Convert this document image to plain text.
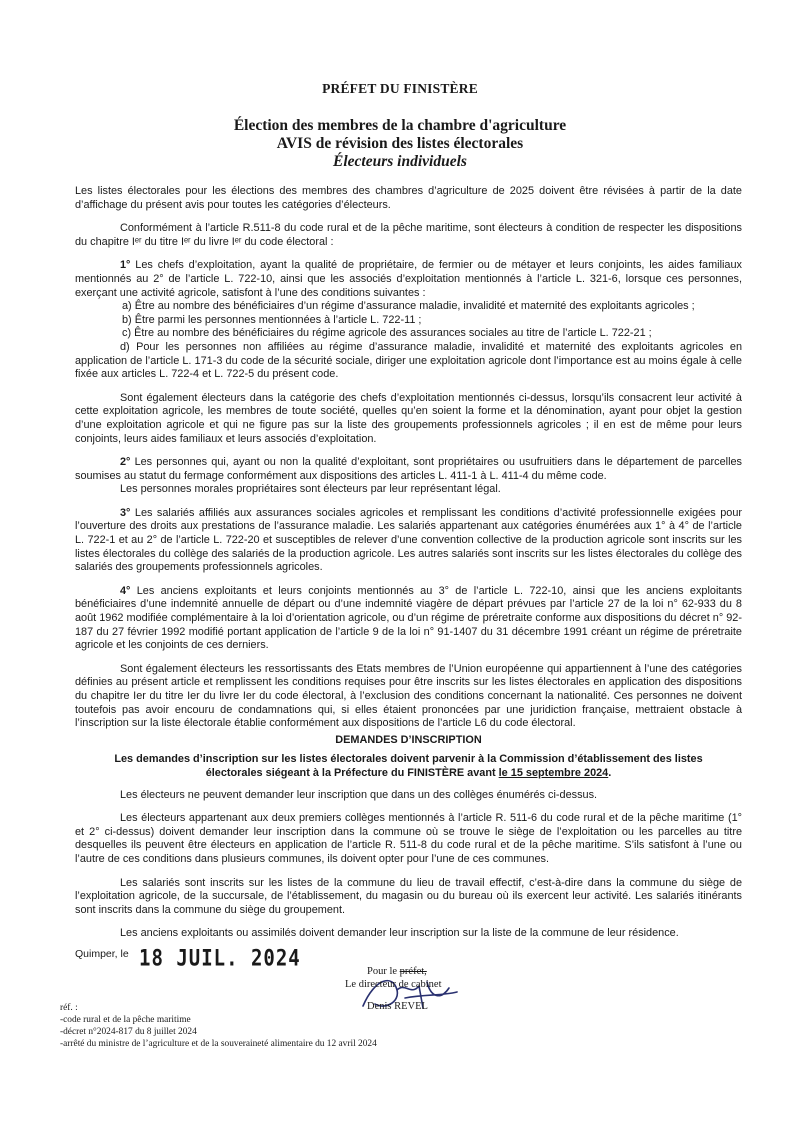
PRÉFET DU FINISTÈRE
Élection des membres de la chambre d'agriculture
AVIS de révision des listes électorales
Électeurs individuels

Les listes électorales pour les élections des membres des chambres d’agriculture de 2025 doivent être révisées à partir de la date d’affichage du présent avis pour toutes les catégories d’électeurs.

Conformément à l’article R.511-8 du code rural et de la pêche maritime, sont électeurs à condition de respecter les dispositions du chapitre Iᵉʳ du titre Iᵉʳ du livre Iᵉʳ du code électoral :

1° Les chefs d’exploitation, ayant la qualité de propriétaire, de fermier ou de métayer et leurs conjoints, les aides familiaux mentionnés au 2° de l’article L. 722-10, ainsi que les associés d’exploitation mentionnés à l’article L. 321-6, lorsque ces personnes, exerçant une activité agricole, satisfont à l’une des conditions suivantes :

a) Être au nombre des bénéficiaires d’un régime d’assurance maladie, invalidité et maternité des exploitants agricoles ;

b) Être parmi les personnes mentionnées à l’article L. 722-11 ;

c) Être au nombre des bénéficiaires du régime agricole des assurances sociales au titre de l’article L. 722-21 ;

d) Pour les personnes non affiliées au régime d’assurance maladie, invalidité et maternité des exploitants agricoles en application de l’article L. 171-3 du code de la sécurité sociale, diriger une exploitation agricole dont l’importance est au moins égale à celle fixée aux articles L. 722-4 et L. 722-5 du présent code.

Sont également électeurs dans la catégorie des chefs d’exploitation mentionnés ci-dessus, lorsqu’ils consacrent leur activité à cette exploitation agricole, les membres de toute société, quelles qu’en soient la forme et la dénomination, ayant pour objet la gestion d’une exploitation agricole et qui ne figure pas sur la liste des groupements professionnels agricoles ; il en est de même pour leurs conjoints, leurs aides familiaux et leurs associés d’exploitation.

2° Les personnes qui, ayant ou non la qualité d’exploitant, sont propriétaires ou usufruitiers dans le département de parcelles soumises au statut du fermage conformément aux dispositions des articles L. 411-1 à L. 411-4 du même code.

Les personnes morales propriétaires sont électeurs par leur représentant légal.

3° Les salariés affiliés aux assurances sociales agricoles et remplissant les conditions d’activité professionnelle exigées pour l’ouverture des droits aux prestations de l’assurance maladie. Les salariés appartenant aux catégories énumérées aux 1° à 4° de l’article L. 722-1 et au 2° de l’article L. 722-20 et susceptibles de relever d’une convention collective de la production agricole sont inscrits sur les listes électorales du collège des salariés de la production agricole. Les autres salariés sont inscrits sur les listes électorales du collège des salariés des groupements professionnels agricoles.

4° Les anciens exploitants et leurs conjoints mentionnés au 3° de l’article L. 722-10, ainsi que les anciens exploitants bénéficiaires d’une indemnité annuelle de départ ou d’une indemnité viagère de départ prévues par l’article 27 de la loi n° 62-933 du 8 août 1962 modifiée complémentaire à la loi d’orientation agricole, ou d’un régime de préretraite conforme aux dispositions du décret n° 92-187 du 27 février 1992 modifié portant application de l’article 9 de la loi n° 91-1407 du 31 décembre 1991 créant un régime de préretraite agricole et les conjoints de ces derniers.

Sont également électeurs les ressortissants des Etats membres de l’Union européenne qui appartiennent à l’une des catégories définies au présent article et remplissent les conditions requises pour être inscrits sur les listes électorales en application des dispositions du chapitre Ier du titre Ier du livre Ier du code électoral, à l’exclusion des conditions concernant la nationalité. Ces personnes ne doivent toutefois pas avoir encouru de condamnations qui, si elles étaient prononcées par une juridiction française, mettraient obstacle à l’inscription sur la liste électorale établie conformément aux dispositions de l’article L6 du code électoral.

DEMANDES D’INSCRIPTION

Les demandes d’inscription sur les listes électorales doivent parvenir à la Commission d’établissement des listes électorales siégeant à la Préfecture du FINISTÈRE avant le 15 septembre 2024.

Les électeurs ne peuvent demander leur inscription que dans un des collèges énumérés ci-dessus.

Les électeurs appartenant aux deux premiers collèges mentionnés à l’article R. 511-6 du code rural et de la pêche maritime (1° et 2° ci-dessus) doivent demander leur inscription dans la commune où se trouve le siège de l’exploitation ou les parcelles au titre desquelles ils peuvent être électeurs en application de l’article R. 511-8 du code rural et de la pêche maritime. S’ils satisfont à l’une ou l’autre de ces conditions dans plusieurs communes, ils doivent opter pour l’une de ces communes.

Les salariés sont inscrits sur les listes de la commune du lieu de travail effectif, c’est-à-dire dans la commune du siège de l’exploitation agricole, de la succursale, de l’établissement, du magasin ou du bureau où ils exercent leur activité. Les salariés itinérants sont inscrits dans la commune du siège du groupement.

Les anciens exploitants ou assimilés doivent demander leur inscription sur la liste de la commune de leur résidence.

Quimper, le 18 JUIL. 2024
Pour le préfet,
Le directeur de cabinet
Denis REVEL
réf. :
-code rural et de la pêche maritime
-décret n°2024-817 du 8 juillet 2024
-arrêté du ministre de l’agriculture et de la souveraineté alimentaire du 12 avril 2024
